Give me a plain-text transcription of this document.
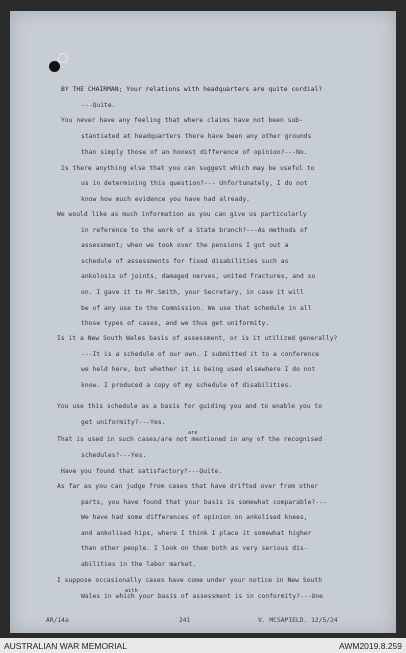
BY THE CHAIRMAN; Your relations with headquarters are quite cordial?

---Quite.

You never have any feeling that where claims have not been sub-

stantiated at headquarters there have been any other grounds

than simply those of an honest difference of opinion?---No.

Is there anything else that you can suggest which may be useful to

us in determining this question?--- Unfortunately, I do not

know how much evidence you have had already.

We would like as much information as you can give us particularly

in reference to the work of a State branch?---As methods of

assessment; when we took over the pensions I got out a

schedule of assessments for fixed disabilities such as

ankolosis of joints, damaged nerves, united fractures, and so

on. I gave it to Mr.Smith, your Secretary, in case it will

be of any use to the Commission. We use that schedule in all

those types of cases, and we thus get uniformity.

Is it a New South Wales basis of assessment, or is it utilized generally?

---It is a schedule of our own. I submitted it to a conference

we held here, but whether it is being used elsewhere I do not

know. I produced a copy of my schedule of disabilities.

You use this schedule as a basis for guiding you and to enable you to

get uniformity?---Yes.

are

That is used in such cases/are not mentioned in any of the recognised

schedules?---Yes.

Have you found that satisfactory?---Quite.

As far as you can judge from cases that have drifted over from other

parts, you have found that your basis is somewhat comparable?---

We have had some differences of opinion on ankolised knees,

and ankolised hips, where I think I place it somewhat higher

than other people. I look on them both as very serious dis-

abilities in the labor market.

I suppose occasionally cases have come under your notice in New South

with

Wales in which your basis of assessment is in conformity?---One

AR/14a	241	V. MCSAPIELD. 12/5/24
AUSTRALIAN WAR MEMORIAL	AWM2019.8.259
